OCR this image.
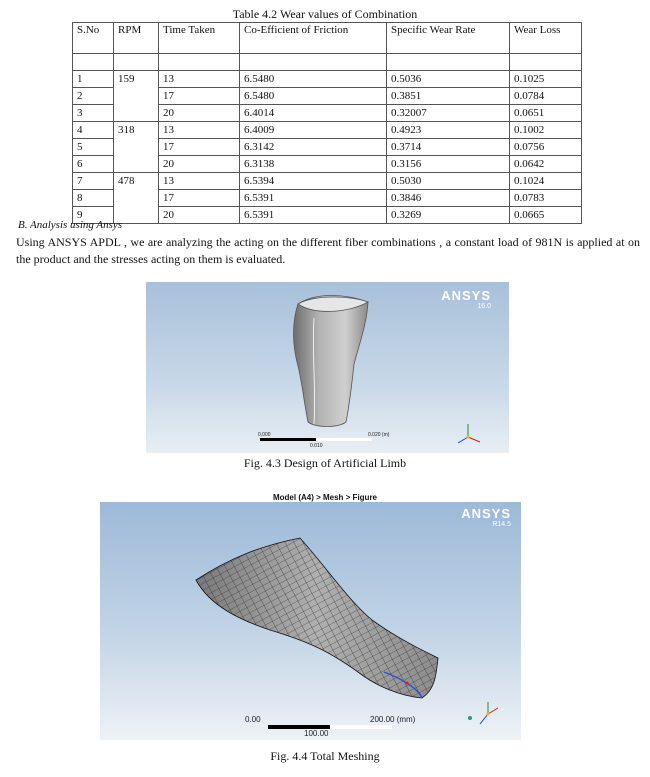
Table 4.2 Wear values of Combination
S.No	RPM	Time Taken	Co-Efficient of Friction	Specific Wear Rate	Wear Loss

1	159	13	6.5480	0.5036	0.1025
2		17	6.5480	0.3851	0.0784
3		20	6.4014	0.32007	0.0651
4	318	13	6.4009	0.4923	0.1002
5		17	6.3142	0.3714	0.0756
6		20	6.3138	0.3156	0.0642
7	478	13	6.5394	0.5030	0.1024
8		17	6.5391	0.3846	0.0783
9		20	6.5391	0.3269	0.0665
B. Analysis using Ansys
Using ANSYS APDL , we are analyzing the acting on the different fiber combinations , a constant load of 981N is applied at on the product and the stresses acting on them is evaluated.
ANSYS
16.0
0.000
0.010
0.020 (m)
Fig. 4.3 Design of Artificial Limb
Model (A4) > Mesh > Figure
ANSYS
R14.5
0.00
100.00
200.00 (mm)
Fig. 4.4 Total Meshing
